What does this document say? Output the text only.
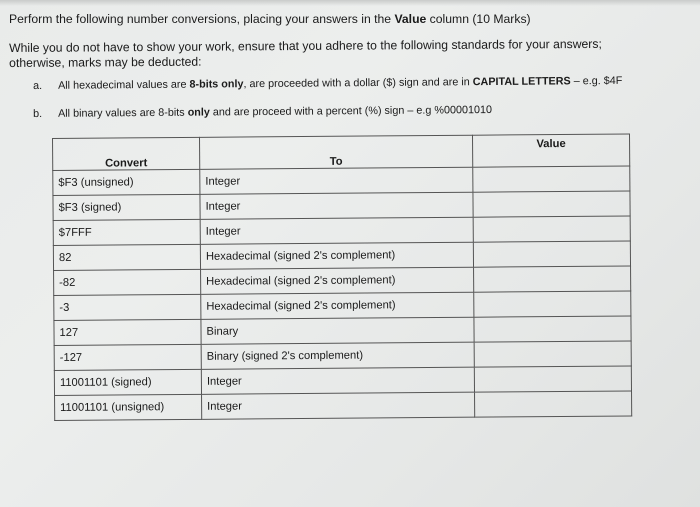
Perform the following number conversions, placing your answers in the Value column (10 Marks)
While you do not have to show your work, ensure that you adhere to the following standards for your answers; otherwise, marks may be deducted:
a. All hexadecimal values are 8-bits only, are proceeded with a dollar ($) sign and are in CAPITAL LETTERS – e.g. $4F
b. All binary values are 8-bits only and are proceed with a percent (%) sign – e.g %00001010
Convert	To	Value
$F3 (unsigned)	Integer	
$F3 (signed)	Integer	
$7FFF	Integer	
82	Hexadecimal (signed 2's complement)	
-82	Hexadecimal (signed 2's complement)	
-3	Hexadecimal (signed 2's complement)	
127	Binary	
-127	Binary (signed 2's complement)	
11001101 (signed)	Integer	
11001101 (unsigned)	Integer	
